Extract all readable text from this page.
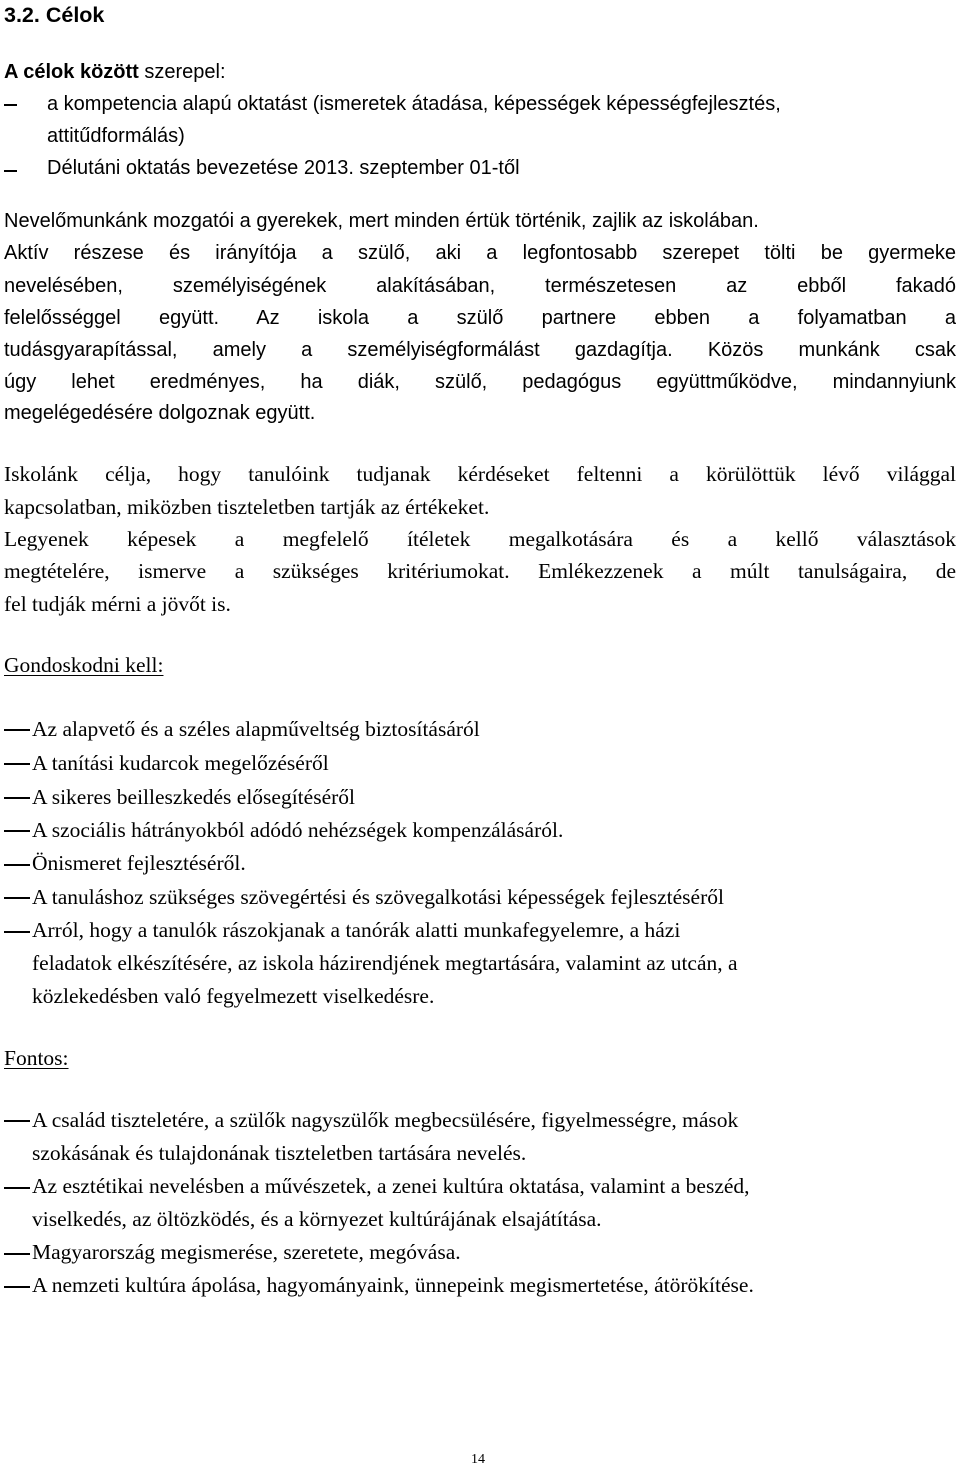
3.2. Célok
A célok között szerepel:
a kompetencia alapú oktatást (ismeretek átadása, képességek képességfejlesztés,
attitűdformálás)
Délutáni oktatás bevezetése 2013. szeptember 01-től
Nevelőmunkánk mozgatói a gyerekek, mert minden értük történik, zajlik az iskolában.
Aktív részese és irányítója a szülő, aki a legfontosabb szerepet tölti be gyermeke
nevelésében, személyiségének alakításában, természetesen az ebből fakadó
felelősséggel együtt. Az iskola a szülő partnere ebben a folyamatban a
tudásgyarapítással, amely a személyiségformálást gazdagítja. Közös munkánk csak
úgy lehet eredményes, ha diák, szülő, pedagógus együttműködve, mindannyiunk
megelégedésére dolgoznak együtt.
Iskolánk célja, hogy tanulóink tudjanak kérdéseket feltenni a körülöttük lévő világgal
kapcsolatban, miközben tiszteletben tartják az értékeket.
Legyenek képesek a megfelelő ítéletek megalkotására és a kellő választások
megtételére, ismerve a szükséges kritériumokat. Emlékezzenek a múlt tanulságaira, de
fel tudják mérni a jövőt is.
Gondoskodni kell:
Az alapvető és a széles alapműveltség biztosításáról
A tanítási kudarcok megelőzéséről
A sikeres beilleszkedés elősegítéséről
A szociális hátrányokból adódó nehézségek kompenzálásáról.
Önismeret fejlesztéséről.
A tanuláshoz szükséges szövegértési és szövegalkotási képességek fejlesztéséről
Arról, hogy a tanulók rászokjanak a tanórák alatti munkafegyelemre, a házi
feladatok elkészítésére, az iskola házirendjének megtartására, valamint az utcán, a
közlekedésben való fegyelmezett viselkedésre.
Fontos:
A család tiszteletére, a szülők nagyszülők megbecsülésére, figyelmességre, mások
szokásának és tulajdonának tiszteletben tartására nevelés.
Az esztétikai nevelésben a művészetek, a zenei kultúra oktatása, valamint a beszéd,
viselkedés, az öltözködés, és a környezet kultúrájának elsajátítása.
Magyarország megismerése, szeretete, megóvása.
A nemzeti kultúra ápolása, hagyományaink, ünnepeink megismertetése, átörökítése.
14
